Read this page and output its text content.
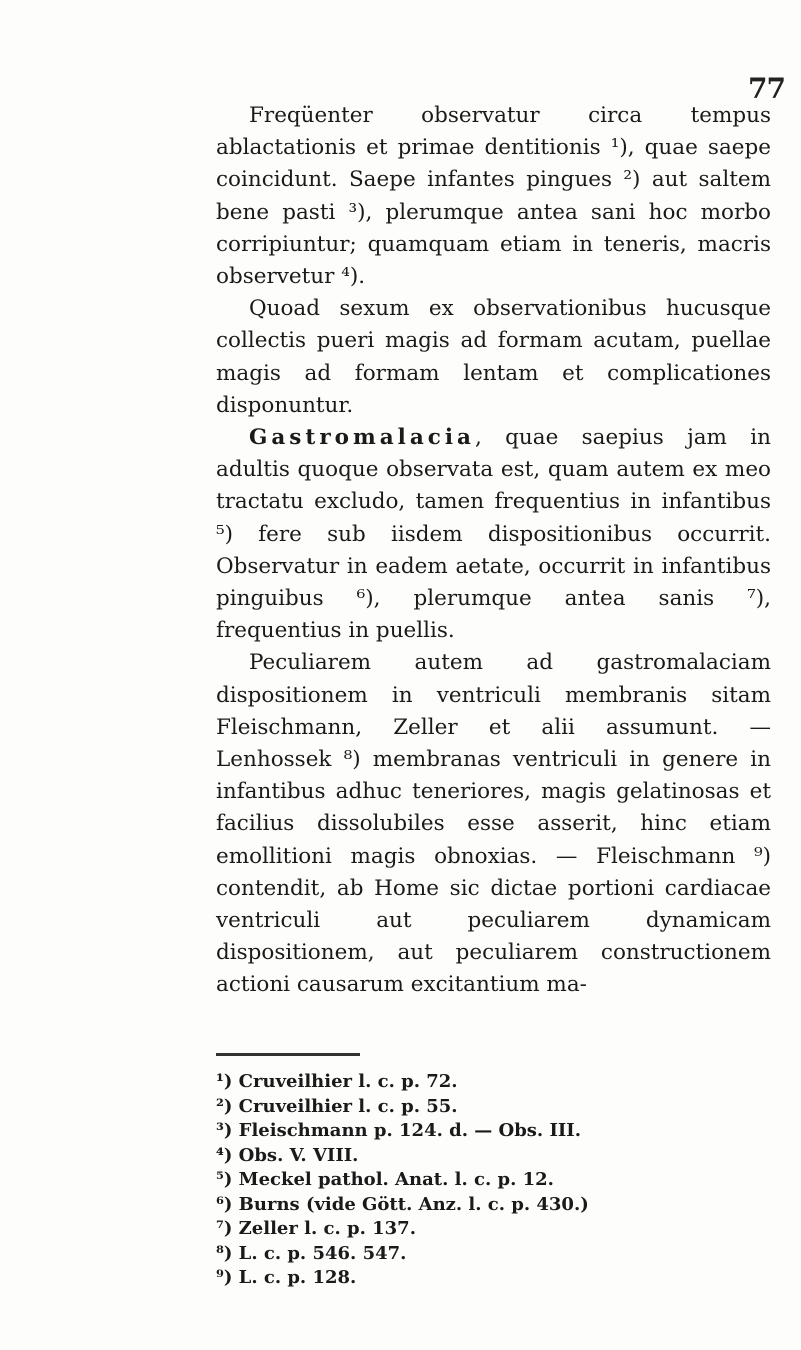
77

Freqüenter observatur circa tempus ablactationis et primae dentitionis ¹), quae saepe coincidunt. Saepe infantes pingues ²) aut saltem bene pasti ³), plerumque antea sani hoc morbo corripiuntur; quamquam etiam in teneris, macris observetur ⁴).

Quoad sexum ex observationibus hucusque collectis pueri magis ad formam acutam, puellae magis ad formam lentam et complicationes disponuntur.

Gastromalacia, quae saepius jam in adultis quoque observata est, quam autem ex meo tractatu excludo, tamen frequentius in infantibus ⁵) fere sub iisdem dispositionibus occurrit. Observatur in eadem aetate, occurrit in infantibus pinguibus ⁶), plerumque antea sanis ⁷), frequentius in puellis.

Peculiarem autem ad gastromalaciam dispositionem in ventriculi membranis sitam Fleischmann, Zeller et alii assumunt. — Lenhossek ⁸) membranas ventriculi in genere in infantibus adhuc teneriores, magis gelatinosas et facilius dissolubiles esse asserit, hinc etiam emollitioni magis obnoxias. — Fleischmann ⁹) contendit, ab Home sic dictae portioni cardiacae ventriculi aut peculiarem dynamicam dispositionem, aut peculiarem constructionem actioni causarum excitantium ma-

¹) Cruveilhier l. c. p. 72.
²) Cruveilhier l. c. p. 55.
³) Fleischmann p. 124. d. — Obs. III.
⁴) Obs. V. VIII.
⁵) Meckel pathol. Anat. l. c. p. 12.
⁶) Burns (vide Gött. Anz. l. c. p. 430.)
⁷) Zeller l. c. p. 137.
⁸) L. c. p. 546. 547.
⁹) L. c. p. 128.
